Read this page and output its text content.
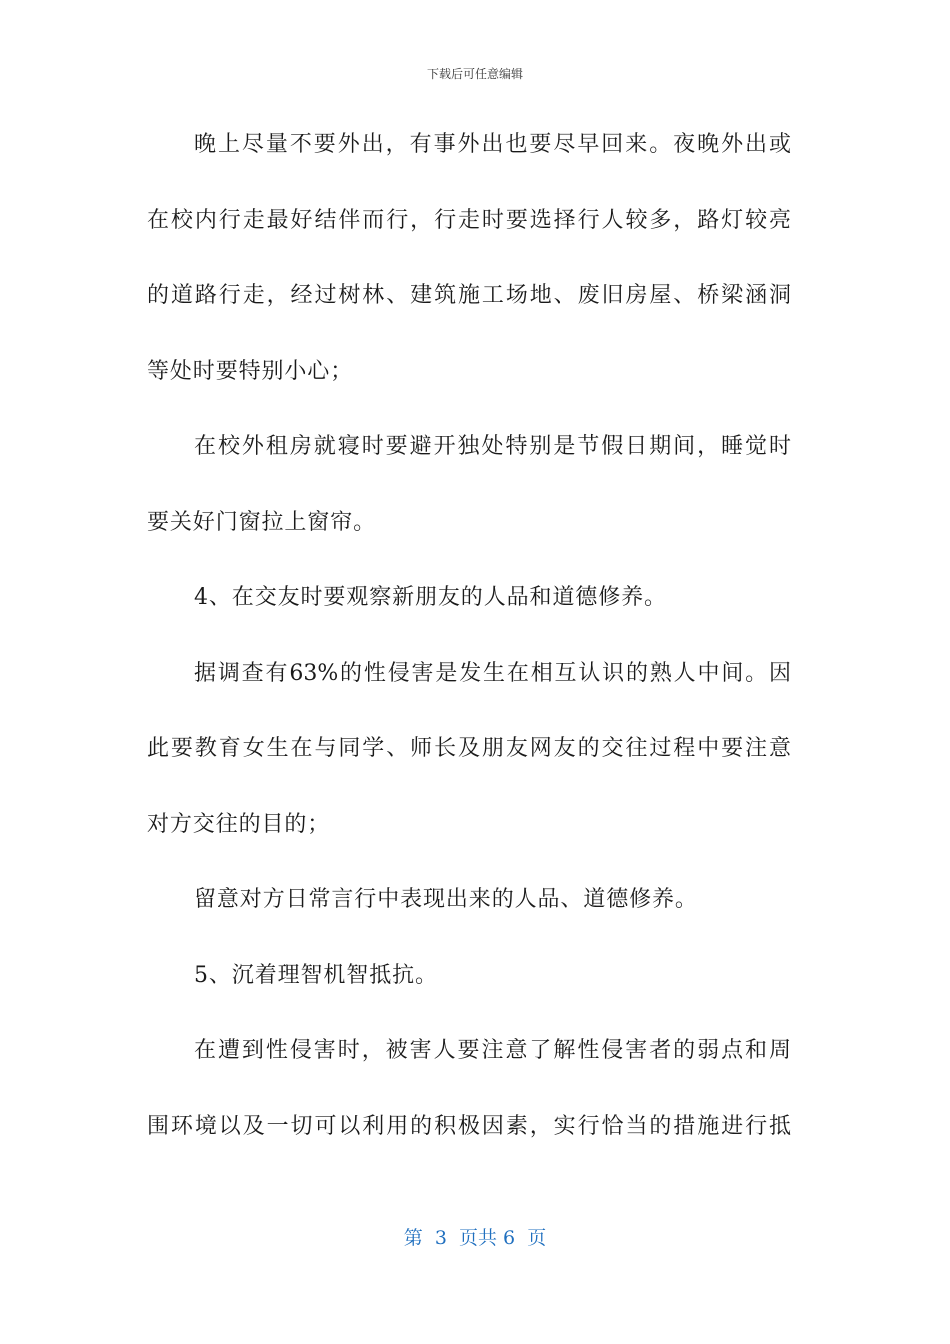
下载后可任意编辑
晚上尽量不要外出，有事外出也要尽早回来。夜晚外出或
在校内行走最好结伴而行，行走时要选择行人较多，路灯较亮
的道路行走，经过树林、建筑施工场地、废旧房屋、桥梁涵洞
等处时要特别小心；
在校外租房就寝时要避开独处特别是节假日期间，睡觉时
要关好门窗拉上窗帘。
4、在交友时要观察新朋友的人品和道德修养。
据调查有63%的性侵害是发生在相互认识的熟人中间。因
此要教育女生在与同学、师长及朋友网友的交往过程中要注意
对方交往的目的；
留意对方日常言行中表现出来的人品、道德修养。
5、沉着理智机智抵抗。
在遭到性侵害时，被害人要注意了解性侵害者的弱点和周
围环境以及一切可以利用的积极因素，实行恰当的措施进行抵
第  3  页共 6  页
